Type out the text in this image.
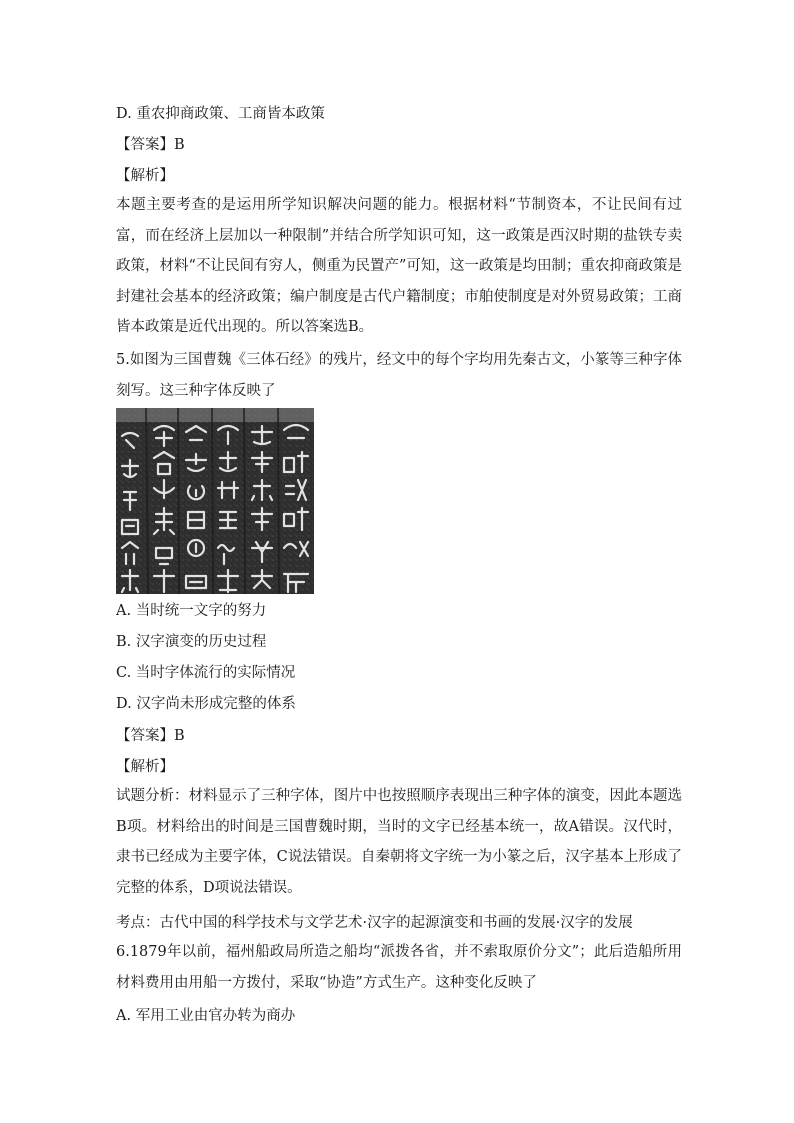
D. 重农抑商政策、工商皆本政策
【答案】B
【解析】
本题主要考查的是运用所学知识解决问题的能力。根据材料“节制资本，不让民间有过富，而在经济上层加以一种限制”并结合所学知识可知，这一政策是西汉时期的盐铁专卖政策，材料“不让民间有穷人，侧重为民置产”可知，这一政策是均田制；重农抑商政策是封建社会基本的经济政策；编户制度是古代户籍制度；市舶使制度是对外贸易政策；工商皆本政策是近代出现的。所以答案选B。
5.如图为三国曹魏《三体石经》的残片，经文中的每个字均用先秦古文，小篆等三种字体刻写。这三种字体反映了
A. 当时统一文字的努力
B. 汉字演变的历史过程
C. 当时字体流行的实际情况
D. 汉字尚未形成完整的体系
【答案】B
【解析】
试题分析：材料显示了三种字体，图片中也按照顺序表现出三种字体的演变，因此本题选B项。材料给出的时间是三国曹魏时期，当时的文字已经基本统一，故A错误。汉代时，隶书已经成为主要字体，C说法错误。自秦朝将文字统一为小篆之后，汉字基本上形成了完整的体系，D项说法错误。
考点：古代中国的科学技术与文学艺术·汉字的起源演变和书画的发展·汉字的发展
6.1879年以前，福州船政局所造之船均“派拨各省，并不索取原价分文”；此后造船所用材料费用由用船一方拨付，采取“协造”方式生产。这种变化反映了
A. 军用工业由官办转为商办
